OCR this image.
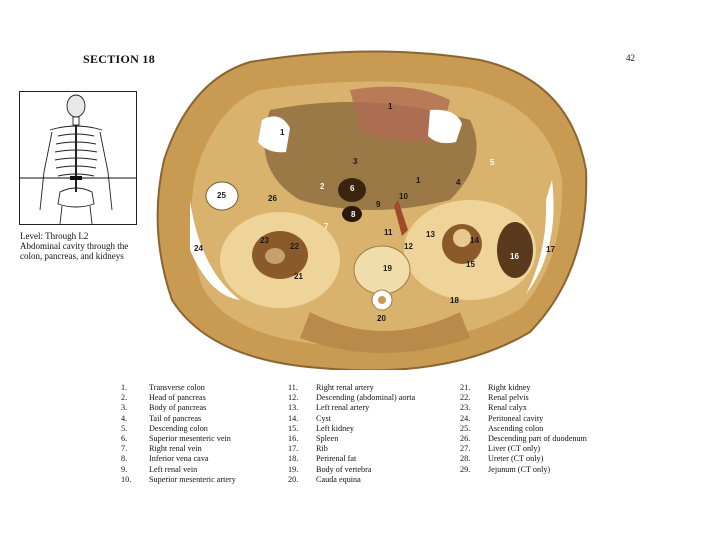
SECTION 18	42
Level: Through L2
Abdominal cavity through the
colon, pancreas, and kidneys
1
1
1
2
3
4
5
6
7
8
9
10
11
12
13
14
15
16
17
18
19
20
21
22
23
24
25	26
1.	Transverse colon
2.	Head of pancreas
3.	Body of pancreas
4.	Tail of pancreas
5.	Descending colon
6.	Superior mesenteric vein
7.	Right renal vein
8.	Inferior vena cava
9.	Left renal vein
10.	Superior mesenteric artery
11.	Right renal artery
12.	Descending (abdominal) aorta
13.	Left renal artery
14.	Cyst
15.	Left kidney
16.	Spleen
17.	Rib
18.	Perirenal fat
19.	Body of vertebra
20.	Cauda equina
21.	Right kidney
22.	Renal pelvis
23.	Renal calyx
24.	Peritoneal cavity
25.	Ascending colon
26.	Descending part of duodenum
27.	Liver (CT only)
28.	Ureter (CT only)
29.	Jejunum (CT only)
